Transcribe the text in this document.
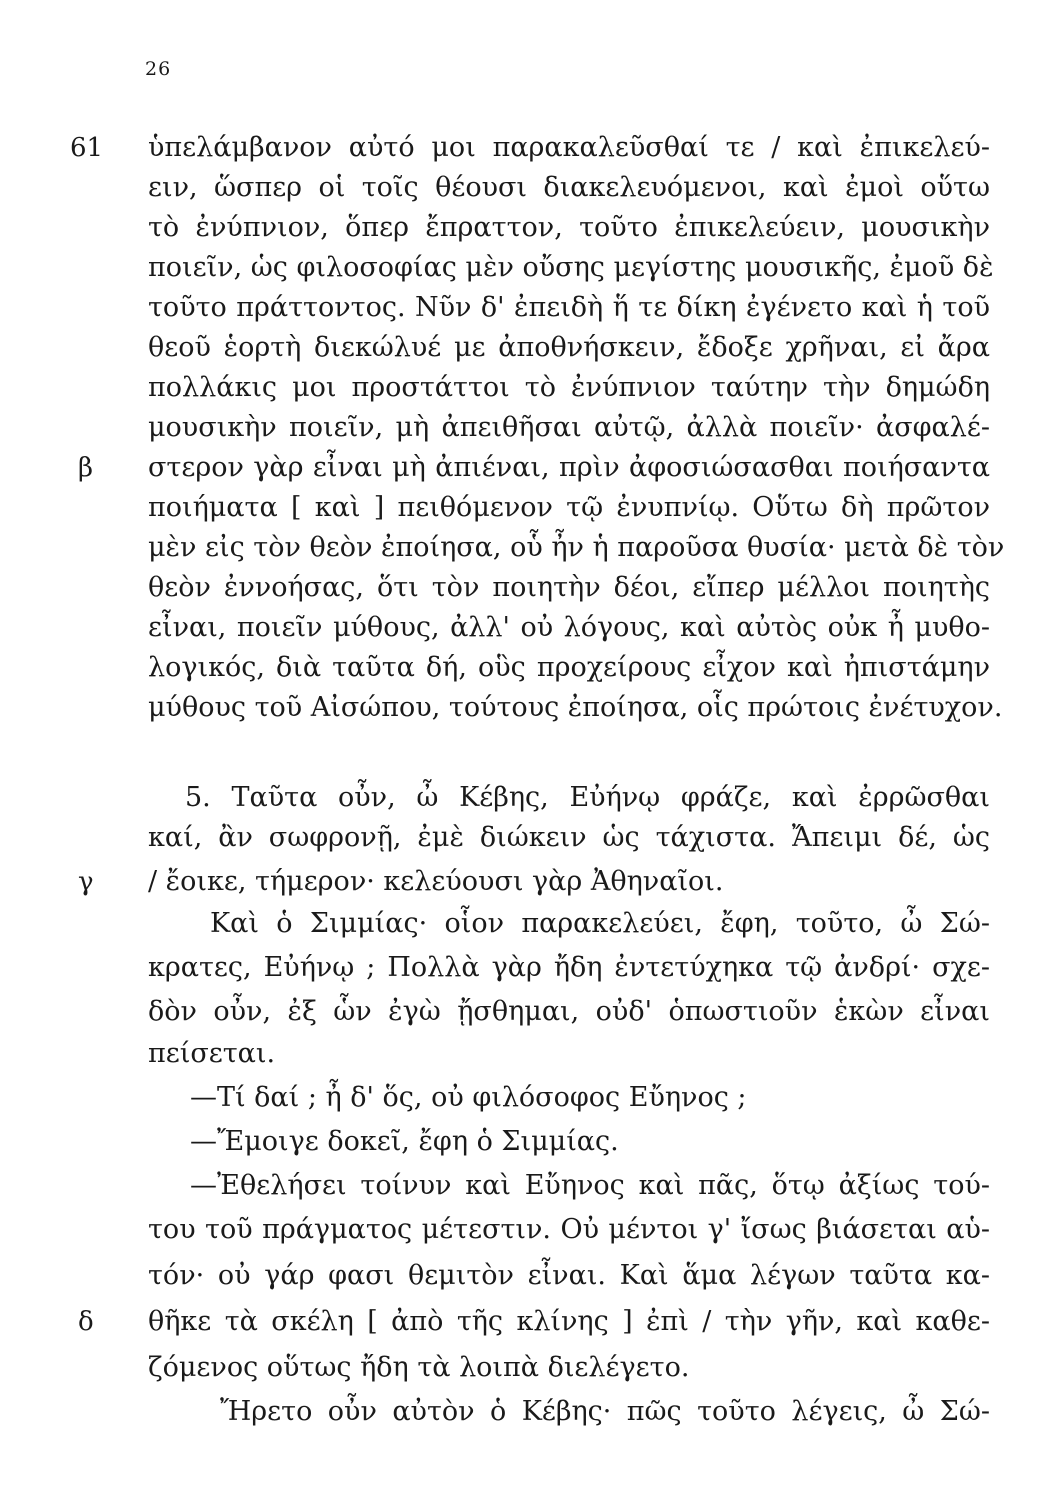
26
61
β
γ
δ
ὑπελάμβανον αὐτό μοι παρακαλεῦσθαί τε / καὶ ἐπικελεύ-
ειν, ὥσπερ οἱ τοῖς θέουσι διακελευόμενοι, καὶ ἐμοὶ οὕτω
τὸ ἐνύπνιον, ὅπερ ἔπραττον, τοῦτο ἐπικελεύειν, μουσικὴν
ποιεῖν, ὡς φιλοσοφίας μὲν οὔσης μεγίστης μουσικῆς, ἐμοῦ δὲ
τοῦτο πράττοντος. Νῦν δ' ἐπειδὴ ἥ τε δίκη ἐγένετο καὶ ἡ τοῦ
θεοῦ ἑορτὴ διεκώλυέ με ἀποθνήσκειν, ἔδοξε χρῆναι, εἰ ἄρα
πολλάκις μοι προστάττοι τὸ ἐνύπνιον ταύτην τὴν δημώδη
μουσικὴν ποιεῖν, μὴ ἀπειθῆσαι αὐτῷ, ἀλλὰ ποιεῖν· ἀσφαλέ-
στερον γὰρ εἶναι μὴ ἀπιέναι, πρὶν ἀφοσιώσασθαι ποιήσαντα
ποιήματα [ καὶ ] πειθόμενον τῷ ἐνυπνίῳ. Οὕτω δὴ πρῶτον
μὲν εἰς τὸν θεὸν ἐποίησα, οὗ ἦν ἡ παροῦσα θυσία· μετὰ δὲ τὸν
θεὸν ἐννοήσας, ὅτι τὸν ποιητὴν δέοι, εἴπερ μέλλοι ποιητὴς
εἶναι, ποιεῖν μύθους, ἀλλ' οὐ λόγους, καὶ αὐτὸς οὐκ ἦ μυθο-
λογικός, διὰ ταῦτα δή, οὓς προχείρους εἶχον καὶ ἠπιστάμην
μύθους τοῦ Αἰσώπου, τούτους ἐποίησα, οἷς πρώτοις ἐνέτυχον.
5. Ταῦτα οὖν, ὦ Κέβης, Εὐήνῳ φράζε, καὶ ἐρρῶσθαι
καί, ἂν σωφρονῇ, ἐμὲ διώκειν ὡς τάχιστα. Ἄπειμι δέ, ὡς
/ ἔοικε, τήμερον· κελεύουσι γὰρ Ἀθηναῖοι.
Καὶ ὁ Σιμμίας· οἷον παρακελεύει, ἔφη, τοῦτο, ὦ Σώ-
κρατες, Εὐήνῳ ; Πολλὰ γὰρ ἤδη ἐντετύχηκα τῷ ἀνδρί· σχε-
δὸν οὖν, ἐξ ὧν ἐγὼ ᾔσθημαι, οὐδ' ὁπωστιοῦν ἑκὼν εἶναι
πείσεται.
—Τί δαί ; ἦ δ' ὅς, οὐ φιλόσοφος Εὔηνος ;
—Ἔμοιγε δοκεῖ, ἔφη ὁ Σιμμίας.
—Ἐθελήσει τοίνυν καὶ Εὔηνος καὶ πᾶς, ὅτῳ ἀξίως τού-
του τοῦ πράγματος μέτεστιν. Οὐ μέντοι γ' ἴσως βιάσεται αὑ-
τόν· οὐ γάρ φασι θεμιτὸν εἶναι. Καὶ ἅμα λέγων ταῦτα κα-
θῆκε τὰ σκέλη [ ἀπὸ τῆς κλίνης ] ἐπὶ / τὴν γῆν, καὶ καθε-
ζόμενος οὕτως ἤδη τὰ λοιπὰ διελέγετο.
Ἤρετο οὖν αὐτὸν ὁ Κέβης· πῶς τοῦτο λέγεις, ὦ Σώ-
